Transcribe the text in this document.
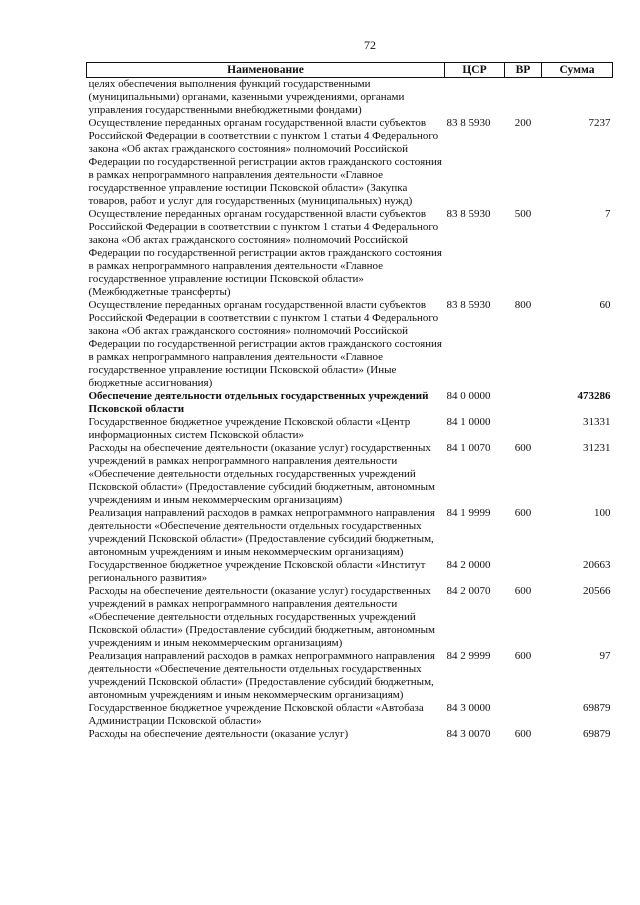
72
Наименование	ЦСР	ВР	Сумма
целях обеспечения выполнения функций государственными (муниципальными) органами, казенными учреждениями, органами управления государственными внебюджетными фондами)			
Осуществление переданных органам государственной власти субъектов Российской Федерации в соответствии с пунктом 1 статьи 4 Федерального закона «Об актах гражданского состояния» полномочий Российской Федерации по государственной регистрации актов гражданского состояния в рамках непрограммного направления деятельности «Главное государственное управление юстиции Псковской области» (Закупка товаров, работ и услуг для государственных (муниципальных) нужд)	83 8 5930	200	7237
Осуществление переданных органам государственной власти субъектов Российской Федерации в соответствии с пунктом 1 статьи 4 Федерального закона «Об актах гражданского состояния» полномочий Российской Федерации по государственной регистрации актов гражданского состояния в рамках непрограммного направления деятельности «Главное государственное управление юстиции Псковской области» (Межбюджетные трансферты)	83 8 5930	500	7
Осуществление переданных органам государственной власти субъектов Российской Федерации в соответствии с пунктом 1 статьи 4 Федерального закона «Об актах гражданского состояния» полномочий Российской Федерации по государственной регистрации актов гражданского состояния в рамках непрограммного направления деятельности «Главное государственное управление юстиции Псковской области» (Иные бюджетные ассигнования)	83 8 5930	800	60
Обеспечение деятельности отдельных государственных учреждений Псковской области	84 0 0000		473286
Государственное бюджетное учреждение Псковской области «Центр информационных систем Псковской области»	84 1 0000		31331
Расходы на обеспечение деятельности (оказание услуг) государственных учреждений в рамках непрограммного направления деятельности «Обеспечение деятельности отдельных государственных учреждений Псковской области» (Предоставление субсидий бюджетным, автономным учреждениям и иным некоммерческим организациям)	84 1 0070	600	31231
Реализация направлений расходов в рамках непрограммного направления деятельности «Обеспечение деятельности отдельных государственных учреждений Псковской области» (Предоставление субсидий бюджетным, автономным учреждениям и иным некоммерческим организациям)	84 1 9999	600	100
Государственное бюджетное учреждение Псковской области «Институт регионального развития»	84 2 0000		20663
Расходы на обеспечение деятельности (оказание услуг) государственных учреждений в рамках непрограммного направления деятельности «Обеспечение деятельности отдельных государственных учреждений Псковской области» (Предоставление субсидий бюджетным, автономным учреждениям и иным некоммерческим организациям)	84 2 0070	600	20566
Реализация направлений расходов в рамках непрограммного направления деятельности «Обеспечение деятельности отдельных государственных учреждений Псковской области» (Предоставление субсидий бюджетным, автономным учреждениям и иным некоммерческим организациям)	84 2 9999	600	97
Государственное бюджетное учреждение Псковской области «Автобаза Администрации Псковской области»	84 3 0000		69879
Расходы на обеспечение деятельности (оказание услуг)	84 3 0070	600	69879
